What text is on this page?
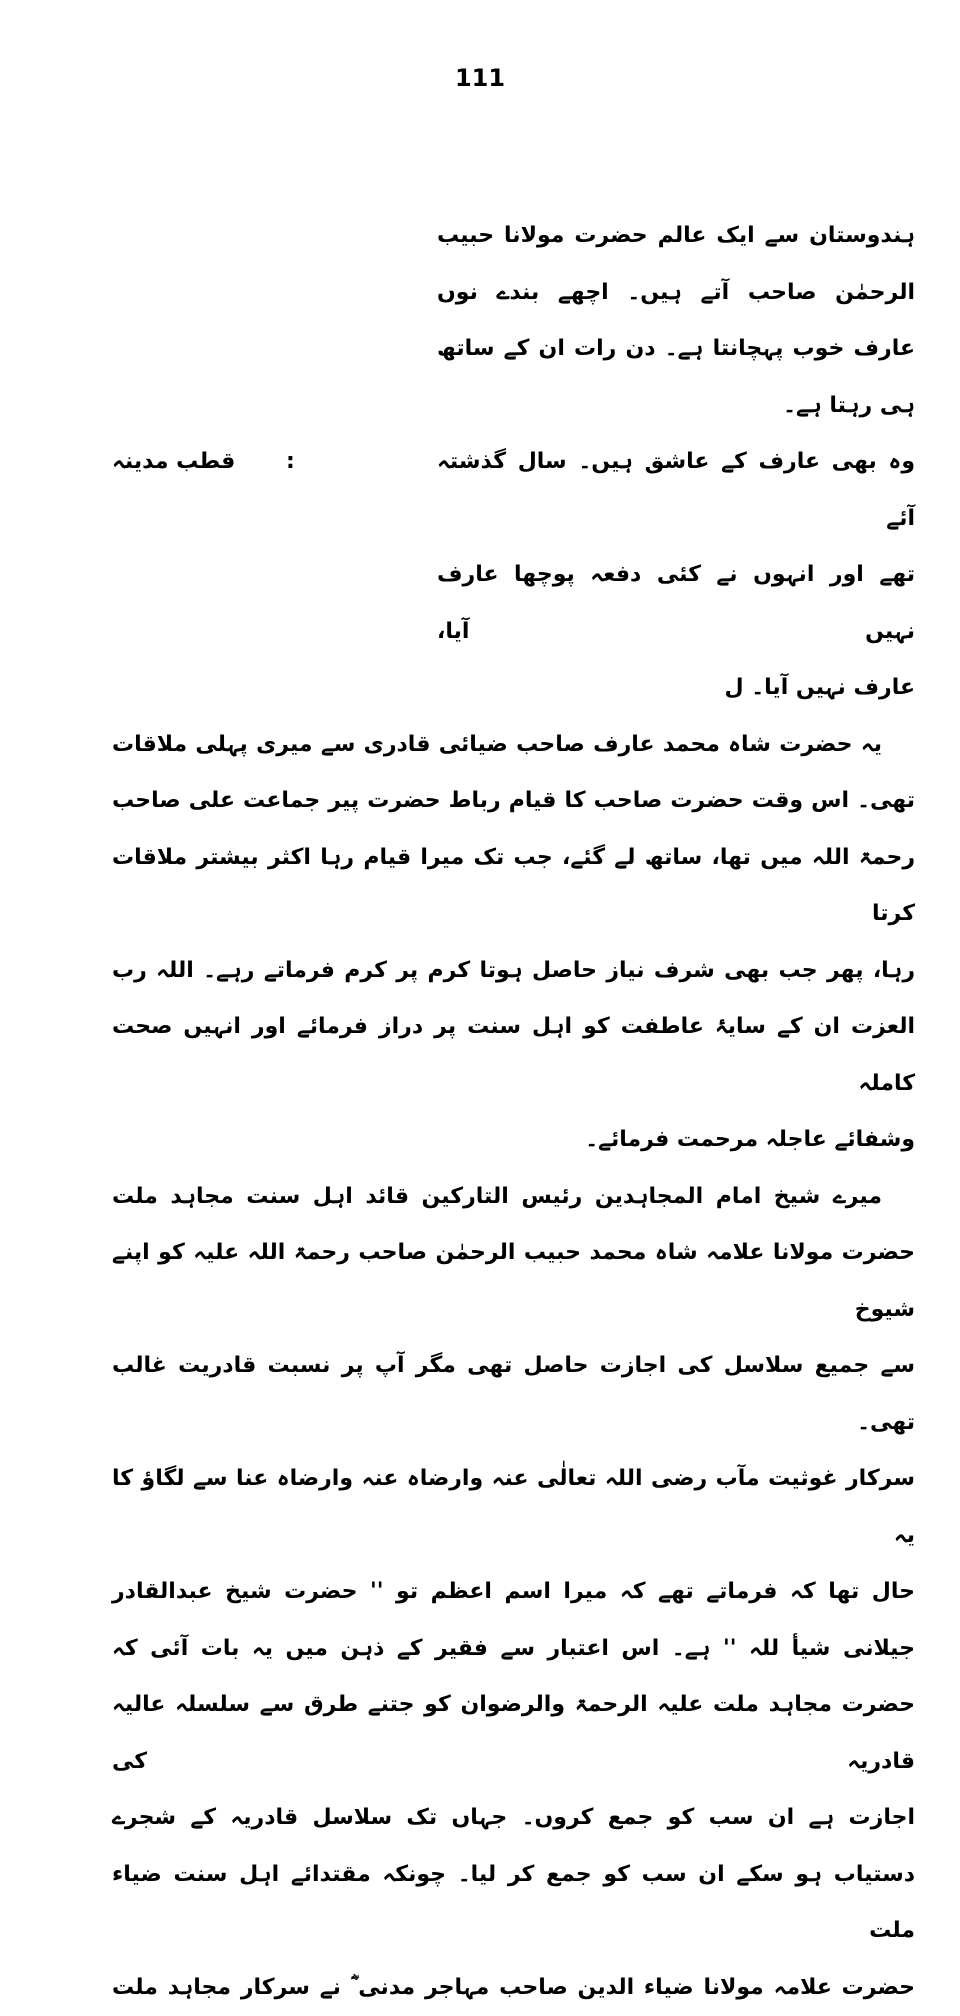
111
ہندوستان سے ایک عالم حضرت مولانا حبیب
الرحمٰن صاحب آتے ہیں۔ اچھے بندے نوں
عارف خوب پہچانتا ہے۔ دن رات ان کے ساتھ
ہی رہتا ہے۔
قطب مدینہ :	وہ بھی عارف کے عاشق ہیں۔ سال گذشتہ آئے
تھے اور انہوں نے کئی دفعہ پوچھا عارف نہیں آیا،
عارف نہیں آیا۔ ل
یہ حضرت شاہ محمد عارف صاحب ضیائی قادری سے میری پہلی ملاقات
تھی۔ اس وقت حضرت صاحب کا قیام رباط حضرت پیر جماعت علی صاحب
رحمۃ اللہ میں تھا، ساتھ لے گئے، جب تک میرا قیام رہا اکثر بیشتر ملاقات کرتا
رہا، پھر جب بھی شرف نیاز حاصل ہوتا کرم پر کرم فرماتے رہے۔ اللہ رب
العزت ان کے سایۂ عاطفت کو اہل سنت پر دراز فرمائے اور انہیں صحت کاملہ
وشفائے عاجلہ مرحمت فرمائے۔
میرے شیخ امام المجاہدین رئیس التارکین قائد اہل سنت مجاہد ملت
حضرت مولانا علامہ شاہ محمد حبیب الرحمٰن صاحب رحمۃ اللہ علیہ کو اپنے شیوخ
سے جمیع سلاسل کی اجازت حاصل تھی مگر آپ پر نسبت قادریت غالب تھی۔
سرکار غوثیت مآب رضی اللہ تعالٰی عنہ وارضاہ عنہ وارضاہ عنا سے لگاؤ کا یہ
حال تھا کہ فرماتے تھے کہ میرا اسم اعظم تو '' حضرت شیخ عبدالقادر
جیلانی شیأ للہ '' ہے۔ اس اعتبار سے فقیر کے ذہن میں یہ بات آئی کہ
حضرت مجاہد ملت علیہ الرحمۃ والرضوان کو جتنے طرق سے سلسلہ عالیہ قادریہ کی
اجازت ہے ان سب کو جمع کروں۔ جہاں تک سلاسل قادریہ کے شجرے
دستیاب ہو سکے ان سب کو جمع کر لیا۔ چونکہ مقتدائے اہل سنت ضیاء ملت
حضرت علامہ مولانا ضیاء الدین صاحب مہاجر مدنی ؓ نے سرکار مجاہد ملت
